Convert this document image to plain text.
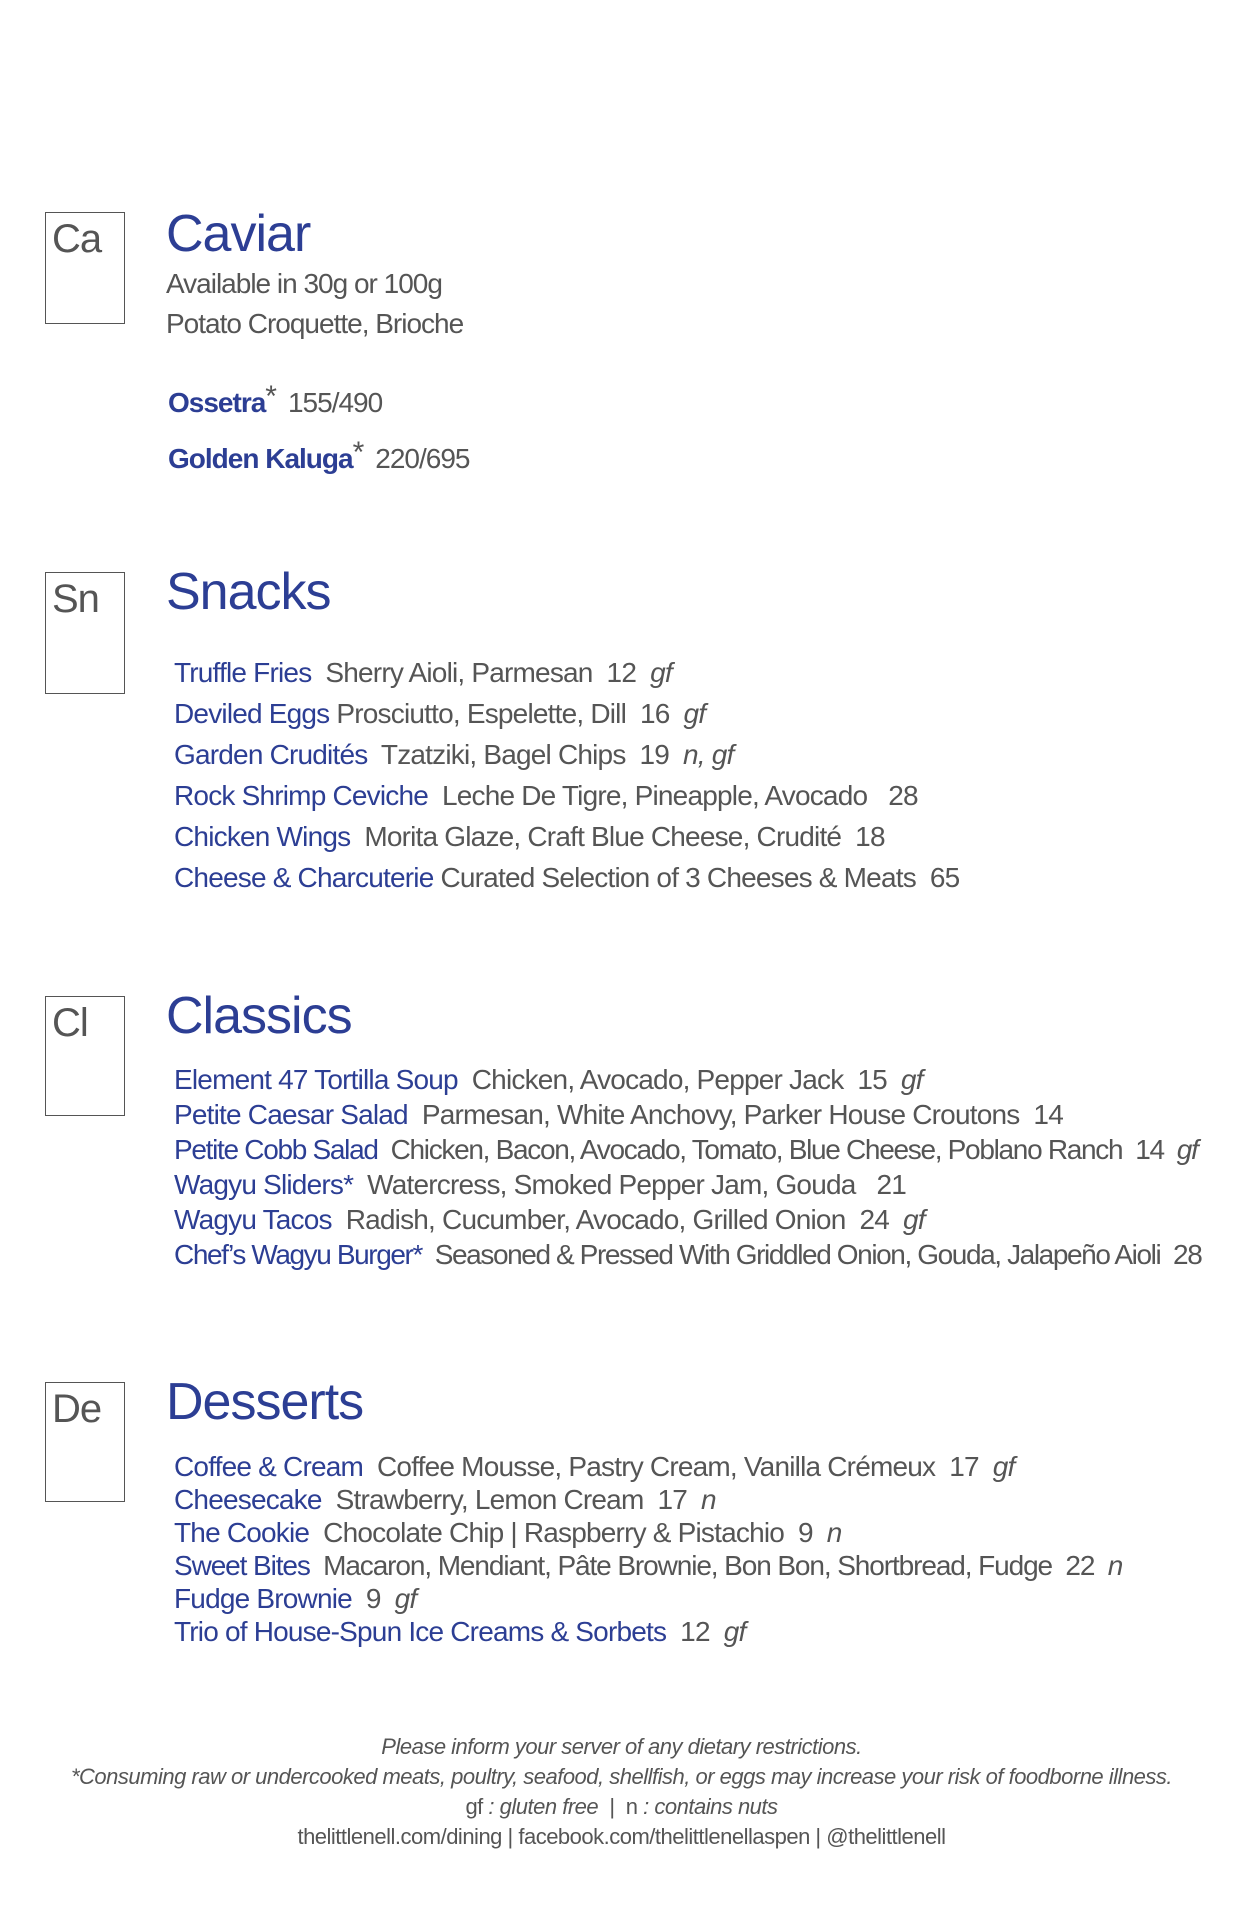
Ca	Caviar
Available in 30g or 100g
Potato Croquette, Brioche
Ossetra* 155/490
Golden Kaluga* 220/695
Sn	Snacks
Truffle Fries Sherry Aioli, Parmesan 12 gf
Deviled Eggs Prosciutto, Espelette, Dill 16 gf
Garden Crudités Tzatziki, Bagel Chips 19 n, gf
Rock Shrimp Ceviche Leche De Tigre, Pineapple, Avocado 28
Chicken Wings Morita Glaze, Craft Blue Cheese, Crudité 18
Cheese & Charcuterie Curated Selection of 3 Cheeses & Meats 65
Cl	Classics
Element 47 Tortilla Soup Chicken, Avocado, Pepper Jack 15 gf
Petite Caesar Salad Parmesan, White Anchovy, Parker House Croutons 14
Petite Cobb Salad Chicken, Bacon, Avocado, Tomato, Blue Cheese, Poblano Ranch 14 gf
Wagyu Sliders* Watercress, Smoked Pepper Jam, Gouda 21
Wagyu Tacos Radish, Cucumber, Avocado, Grilled Onion 24 gf
Chef’s Wagyu Burger* Seasoned & Pressed With Griddled Onion, Gouda, Jalapeño Aioli 28
De	Desserts
Coffee & Cream Coffee Mousse, Pastry Cream, Vanilla Crémeux 17 gf
Cheesecake Strawberry, Lemon Cream 17 n
The Cookie Chocolate Chip | Raspberry & Pistachio 9 n
Sweet Bites Macaron, Mendiant, Pâte Brownie, Bon Bon, Shortbread, Fudge 22 n
Fudge Brownie 9 gf
Trio of House-Spun Ice Creams & Sorbets 12 gf
Please inform your server of any dietary restrictions.
*Consuming raw or undercooked meats, poultry, seafood, shellfish, or eggs may increase your risk of foodborne illness.
gf : gluten free | n : contains nuts
thelittlenell.com/dining | facebook.com/thelittlenellaspen | @thelittlenell
